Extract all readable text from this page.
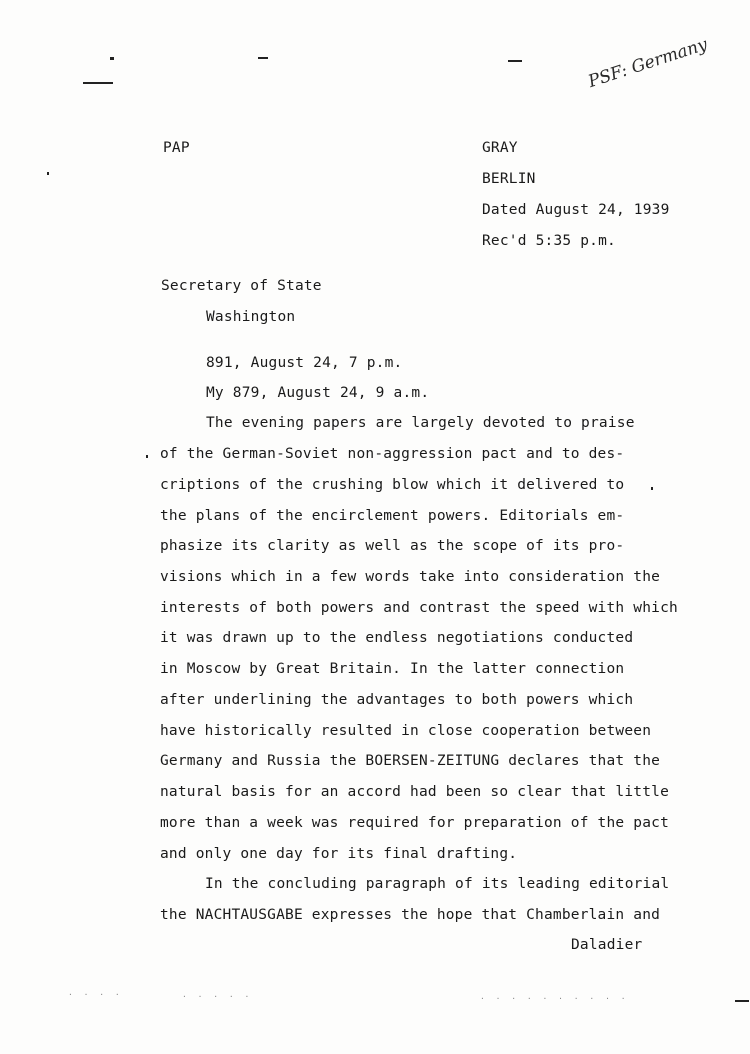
PSF: Germany
PAP	GRAY
BERLIN
Dated August 24, 1939
Rec'd 5:35 p.m.
Secretary of State
Washington
891, August 24, 7 p.m.
My 879, August 24, 9 a.m.
The evening papers are largely devoted to praise
of the German-Soviet non-aggression pact and to des-
criptions of the crushing blow which it delivered to
the plans of the encirclement powers. Editorials em-
phasize its clarity as well as the scope of its pro-
visions which in a few words take into consideration the
interests of both powers and contrast the speed with which
it was drawn up to the endless negotiations conducted
in Moscow by Great Britain. In the latter connection
after underlining the advantages to both powers which
have historically resulted in close cooperation between
Germany and Russia the BOERSEN-ZEITUNG declares that the
natural basis for an accord had been so clear that little
more than a week was required for preparation of the pact
and only one day for its final drafting.
In the concluding paragraph of its leading editorial
the NACHTAUSGABE expresses the hope that Chamberlain and
Daladier
· · · ·	· · · · ·	· · · · · · · · · ·
